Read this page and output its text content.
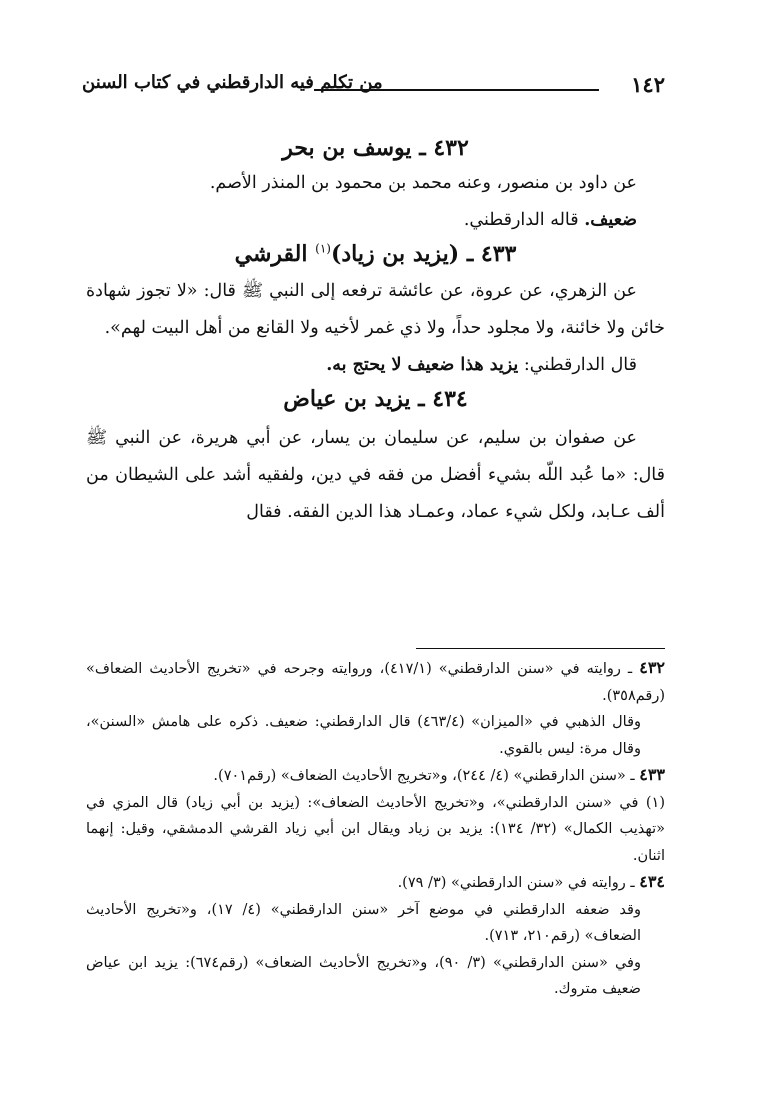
١٤٢
من تكلم فيه الدارقطني في كتاب السنن
٤٣٢ ـ يوسف بن بحر

عن داود بن منصور، وعنه محمد بن محمود بن المنذر الأصم.

ضعيف. قاله الدارقطني.

٤٣٣ ـ (يزيد بن زياد)$^{(١)}$ القرشي

عن الزهري، عن عروة، عن عائشة ترفعه إلى النبي ﷺ قال: «لا تجوز شهادة خائن ولا خائنة، ولا مجلود حداً، ولا ذي غمر لأخيه ولا القانع من أهل البيت لهم».

قال الدارقطني: يزيد هذا ضعيف لا يحتج به.

٤٣٤ ـ يزيد بن عياض

عن صفوان بن سليم، عن سليمان بن يسار، عن أبي هريرة، عن النبي ﷺ قال: «ما عُبد اللّه بشيء أفضل من فقه في دين، ولفقيه أشد على الشيطان من ألف عـابد، ولكل شيء عماد، وعمـاد هذا الدين الفقه. فقال

٤٣٢ ـ روايته في «سنن الدارقطني» (٤١٧/١)، وروايته وجرحه في «تخريج الأحاديث الضعاف» (رقم٣٥٨).

وقال الذهبي في «الميزان» (٤٦٣/٤) قال الدارقطني: ضعيف. ذكره على هامش «السنن»، وقال مرة: ليس بالقوي.

٤٣٣ ـ «سنن الدارقطني» (٤/ ٢٤٤)، و«تخريج الأحاديث الضعاف» (رقم٧٠١).

(١) في «سنن الدارقطني»، و«تخريج الأحاديث الضعاف»: (يزيد بن أبي زياد) قال المزي في «تهذيب الكمال» (٣٢/ ١٣٤): يزيد بن زياد ويقال ابن أبي زياد القرشي الدمشقي، وقيل: إنهما اثنان.

٤٣٤ ـ روايته في «سنن الدارقطني» (٣/ ٧٩).

وقد ضعفه الدارقطني في موضع آخر «سنن الدارقطني» (٤/ ١٧)، و«تخريج الأحاديث الضعاف» (رقم٢١٠، ٧١٣).

وفي «سنن الدارقطني» (٣/ ٩٠)، و«تخريج الأحاديث الضعاف» (رقم٦٧٤): يزيد ابن عياض ضعيف متروك.
